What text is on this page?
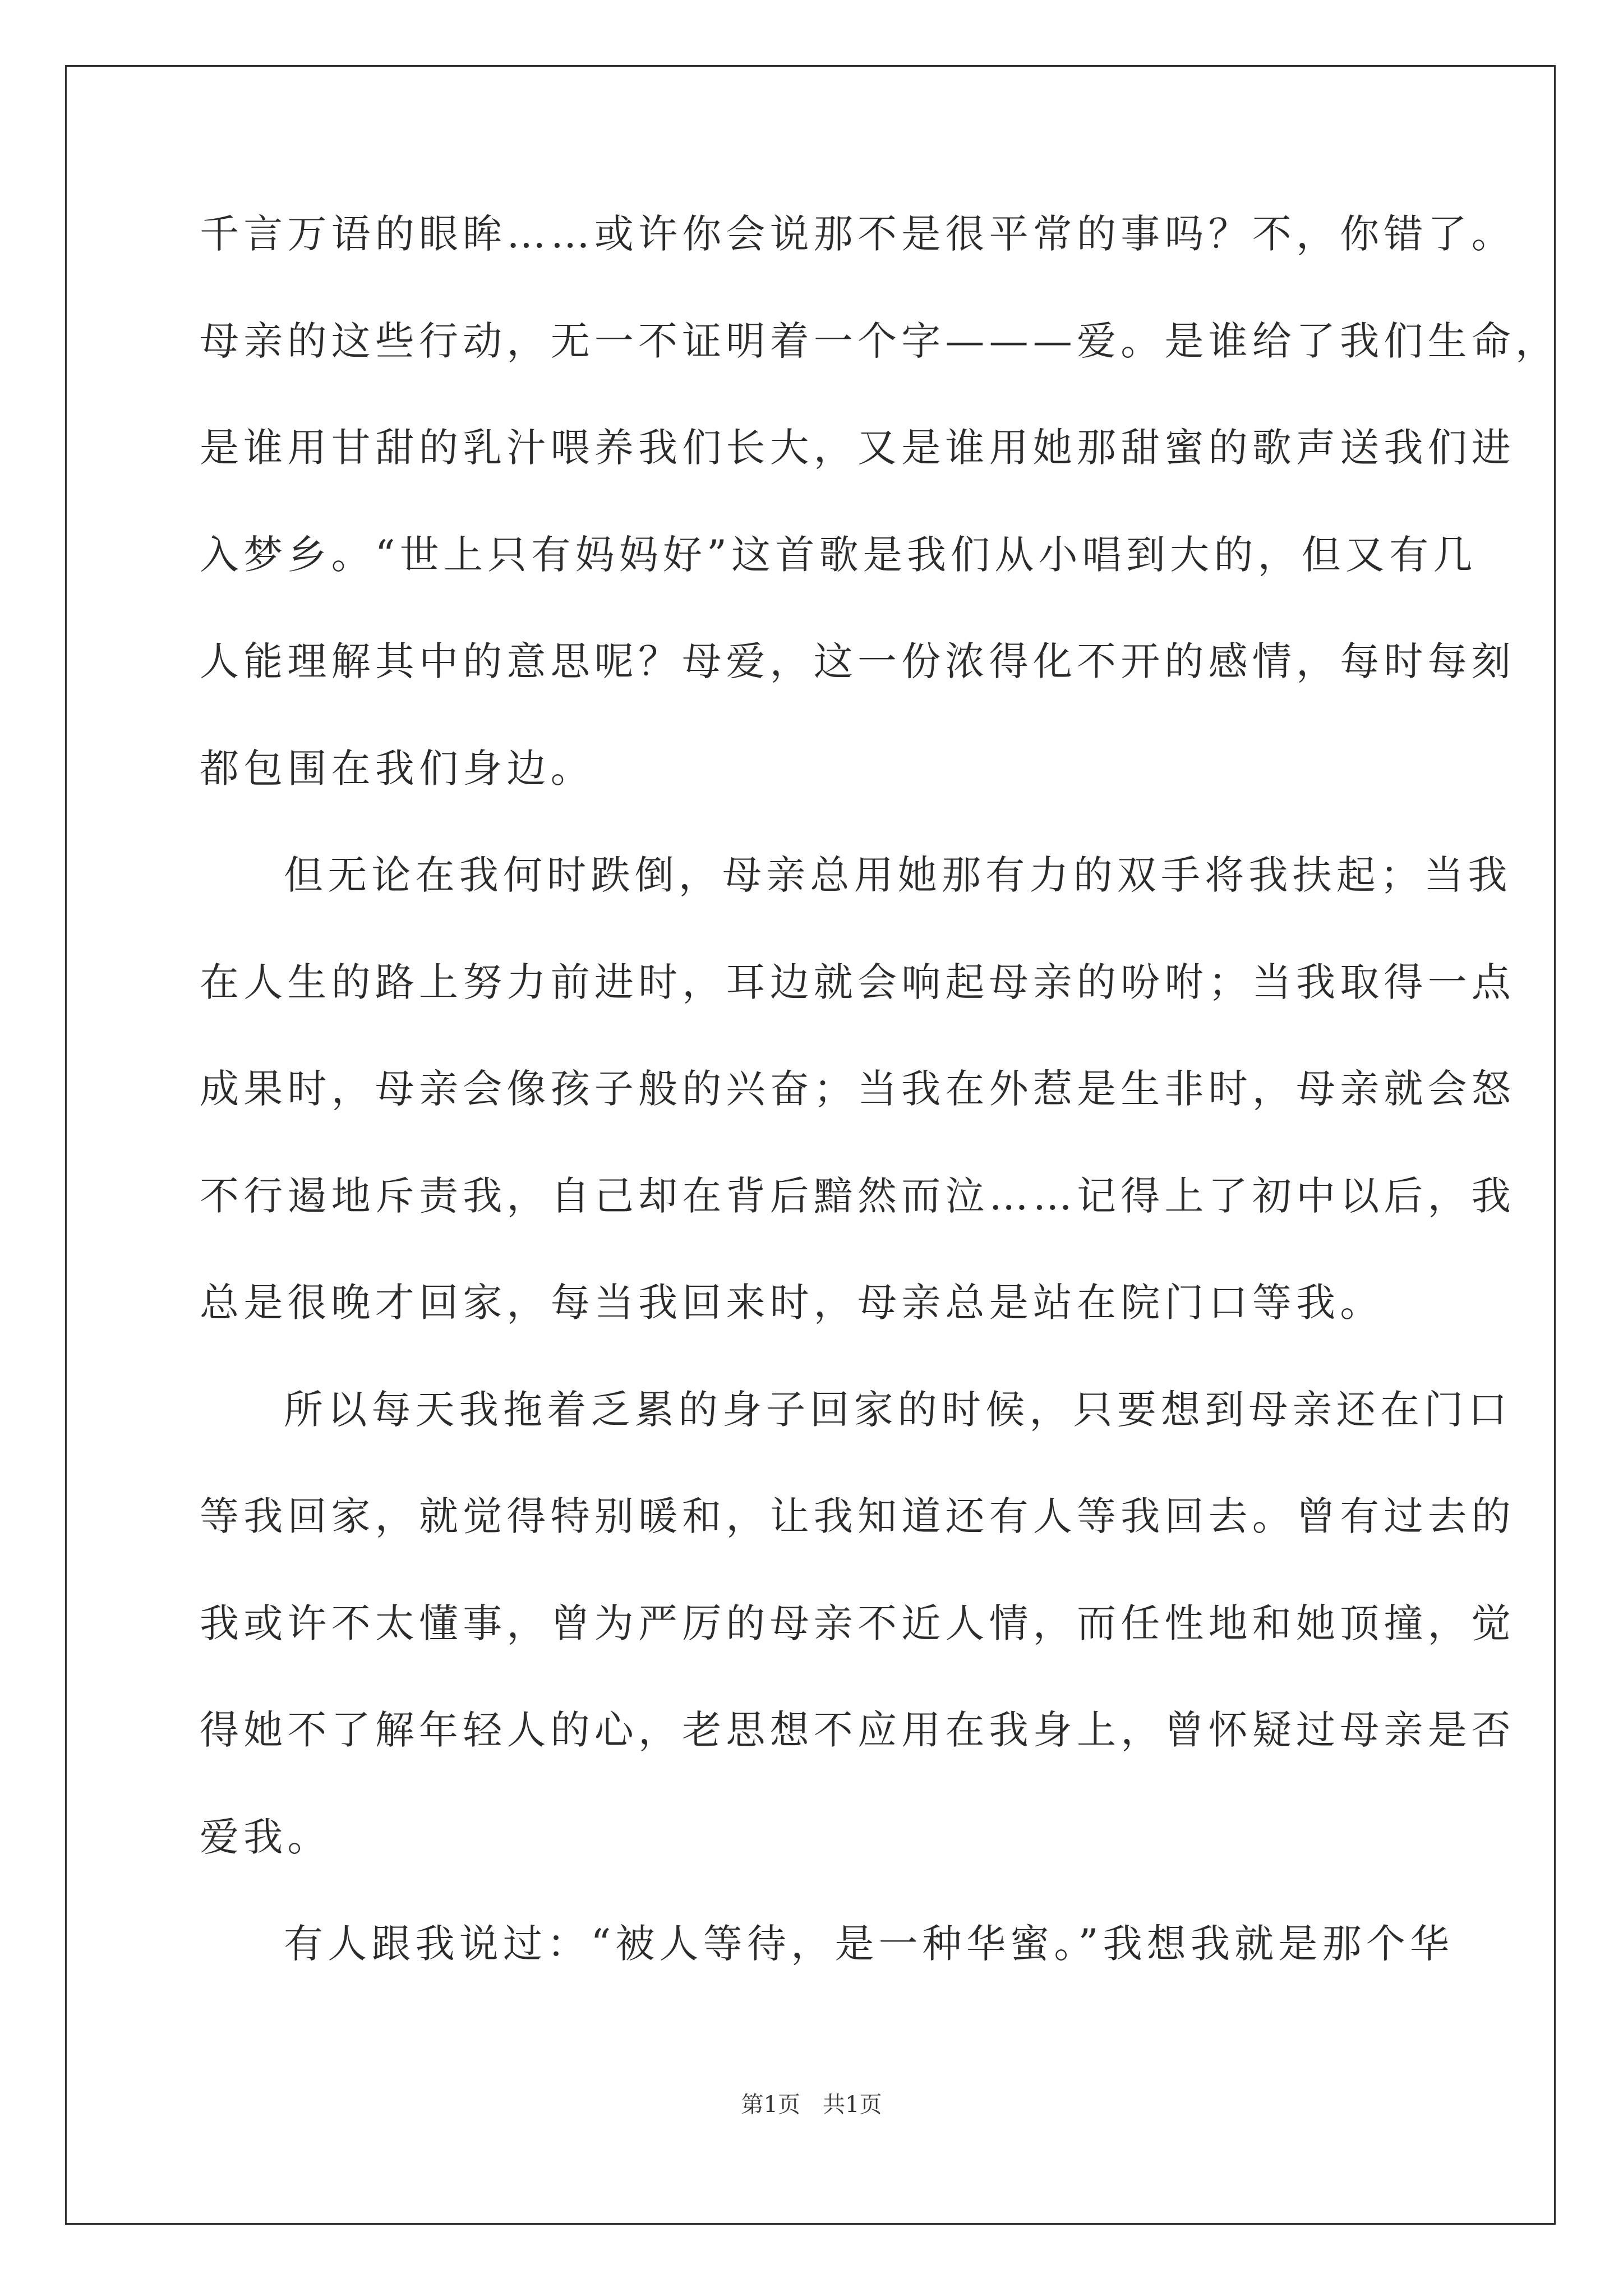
千言万语的眼眸……或许你会说那不是很平常的事吗？不，你错了。
母亲的这些行动，无一不证明着一个字———爱。是谁给了我们生命，
是谁用甘甜的乳汁喂养我们长大，又是谁用她那甜蜜的歌声送我们进
入梦乡。“世上只有妈妈好”这首歌是我们从小唱到大的，但又有几
人能理解其中的意思呢？母爱，这一份浓得化不开的感情，每时每刻
都包围在我们身边。
但无论在我何时跌倒，母亲总用她那有力的双手将我扶起；当我
在人生的路上努力前进时，耳边就会响起母亲的吩咐；当我取得一点
成果时，母亲会像孩子般的兴奋；当我在外惹是生非时，母亲就会怒
不行遏地斥责我，自己却在背后黯然而泣……记得上了初中以后，我
总是很晚才回家，每当我回来时，母亲总是站在院门口等我。
所以每天我拖着乏累的身子回家的时候，只要想到母亲还在门口
等我回家，就觉得特别暖和，让我知道还有人等我回去。曾有过去的
我或许不太懂事，曾为严厉的母亲不近人情，而任性地和她顶撞，觉
得她不了解年轻人的心，老思想不应用在我身上，曾怀疑过母亲是否
爱我。
有人跟我说过：“被人等待，是一种华蜜。”我想我就是那个华
第1页 共1页
